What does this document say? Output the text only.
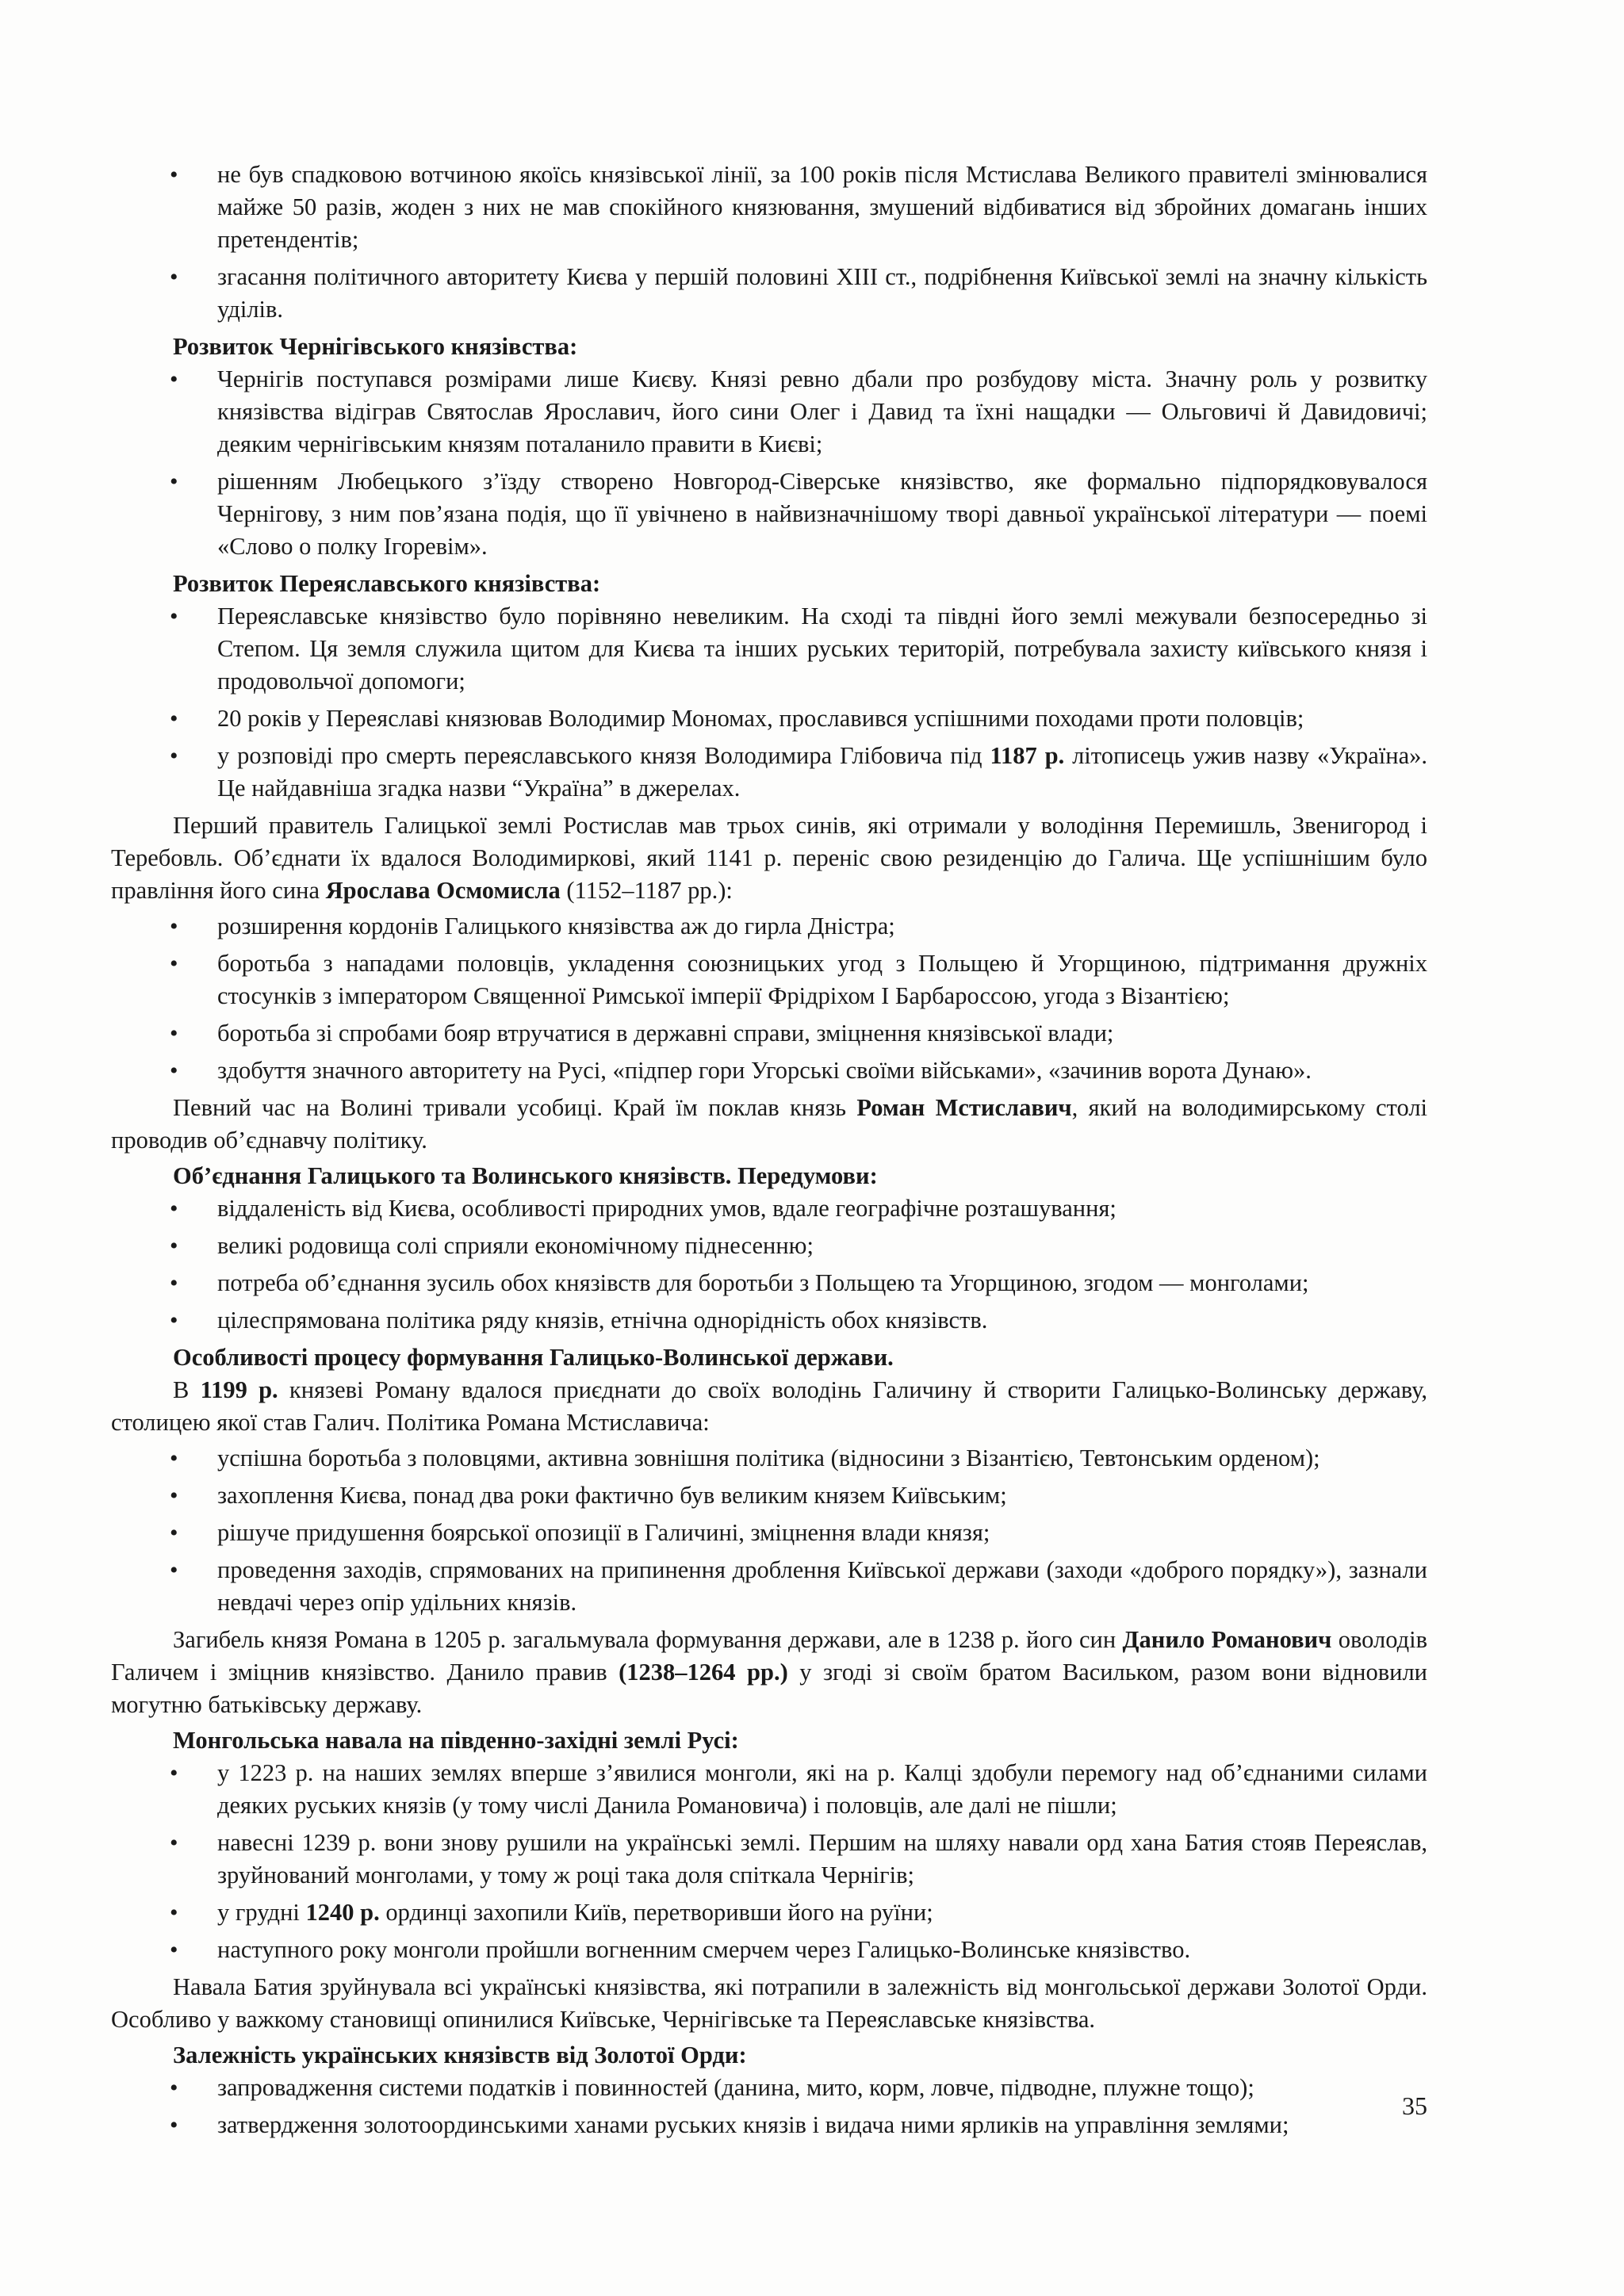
• не був спадковою вотчиною якоїсь князівської лінії, за 100 років після Мстислава Великого правителі змінювалися майже 50 разів, жоден з них не мав спокійного князювання, змушений відбиватися від збройних домагань інших претендентів;

• згасання політичного авторитету Києва у першій половині XIII ст., подрібнення Київської землі на значну кількість уділів.

Розвиток Чернігівського князівства:

• Чернігів поступався розмірами лише Києву. Князі ревно дбали про розбудову міста. Значну роль у розвитку князівства відіграв Святослав Ярославич, його сини Олег і Давид та їхні нащадки — Ольговичі й Давидовичі; деяким чернігівським князям поталанило правити в Києві;

• рішенням Любецького з’їзду створено Новгород-Сіверське князівство, яке формально підпорядковувалося Чернігову, з ним пов’язана подія, що її увічнено в найвизначнішому творі давньої української літератури — поемі «Слово о полку Ігоревім».

Розвиток Переяславського князівства:

• Переяславське князівство було порівняно невеликим. На сході та півдні його землі межували безпосередньо зі Степом. Ця земля служила щитом для Києва та інших руських територій, потребувала захисту київського князя і продовольчої допомоги;

• 20 років у Переяславі князював Володимир Мономах, прославився успішними походами проти половців;

• у розповіді про смерть переяславського князя Володимира Глібовича під 1187 р. літописець ужив назву «Україна». Це найдавніша згадка назви “Україна” в джерелах.

Перший правитель Галицької землі Ростислав мав трьох синів, які отримали у володіння Перемишль, Звенигород і Теребовль. Об’єднати їх вдалося Володимиркові, який 1141 р. переніс свою резиденцію до Галича. Ще успішнішим було правління його сина Ярослава Осмомисла (1152–1187 рр.):

• розширення кордонів Галицького князівства аж до гирла Дністра;

• боротьба з нападами половців, укладення союзницьких угод з Польщею й Угорщиною, підтримання дружніх стосунків з імператором Священної Римської імперії Фрідріхом І Барбароссою, угода з Візантією;

• боротьба зі спробами бояр втручатися в державні справи, зміцнення князівської влади;

• здобуття значного авторитету на Русі, «підпер гори Угорські своїми військами», «зачинив ворота Дунаю».

Певний час на Волині тривали усобиці. Край їм поклав князь Роман Мстиславич, який на володимирському столі проводив об’єднавчу політику.

Об’єднання Галицького та Волинського князівств. Передумови:

• віддаленість від Києва, особливості природних умов, вдале географічне розташування;

• великі родовища солі сприяли економічному піднесенню;

• потреба об’єднання зусиль обох князівств для боротьби з Польщею та Угорщиною, згодом — монголами;

• цілеспрямована політика ряду князів, етнічна однорідність обох князівств.

Особливості процесу формування Галицько-Волинської держави.

В 1199 р. князеві Роману вдалося приєднати до своїх володінь Галичину й створити Галицько-Волинську державу, столицею якої став Галич. Політика Романа Мстиславича:

• успішна боротьба з половцями, активна зовнішня політика (відносини з Візантією, Тевтонським орденом);

• захоплення Києва, понад два роки фактично був великим князем Київським;

• рішуче придушення боярської опозиції в Галичині, зміцнення влади князя;

• проведення заходів, спрямованих на припинення дроблення Київської держави (заходи «доброго порядку»), зазнали невдачі через опір удільних князів.

Загибель князя Романа в 1205 р. загальмувала формування держави, але в 1238 р. його син Данило Романович оволодів Галичем і зміцнив князівство. Данило правив (1238–1264 рр.) у згоді зі своїм братом Васильком, разом вони відновили могутню батьківську державу.

Монгольська навала на південно-західні землі Русі:

• у 1223 р. на наших землях вперше з’явилися монголи, які на р. Калці здобули перемогу над об’єднаними силами деяких руських князів (у тому числі Данила Романовича) і половців, але далі не пішли;

• навесні 1239 р. вони знову рушили на українські землі. Першим на шляху навали орд хана Батия стояв Переяслав, зруйнований монголами, у тому ж році така доля спіткала Чернігів;

• у грудні 1240 р. ординці захопили Київ, перетворивши його на руїни;

• наступного року монголи пройшли вогненним смерчем через Галицько-Волинське князівство.

Навала Батия зруйнувала всі українські князівства, які потрапили в залежність від монгольської держави Золотої Орди. Особливо у важкому становищі опинилися Київське, Чернігівське та Переяславське князівства.

Залежність українських князівств від Золотої Орди:

• запровадження системи податків і повинностей (данина, мито, корм, ловче, підводне, плужне тощо);

• затвердження золотоординськими ханами руських князів і видача ними ярликів на управління землями;

35
